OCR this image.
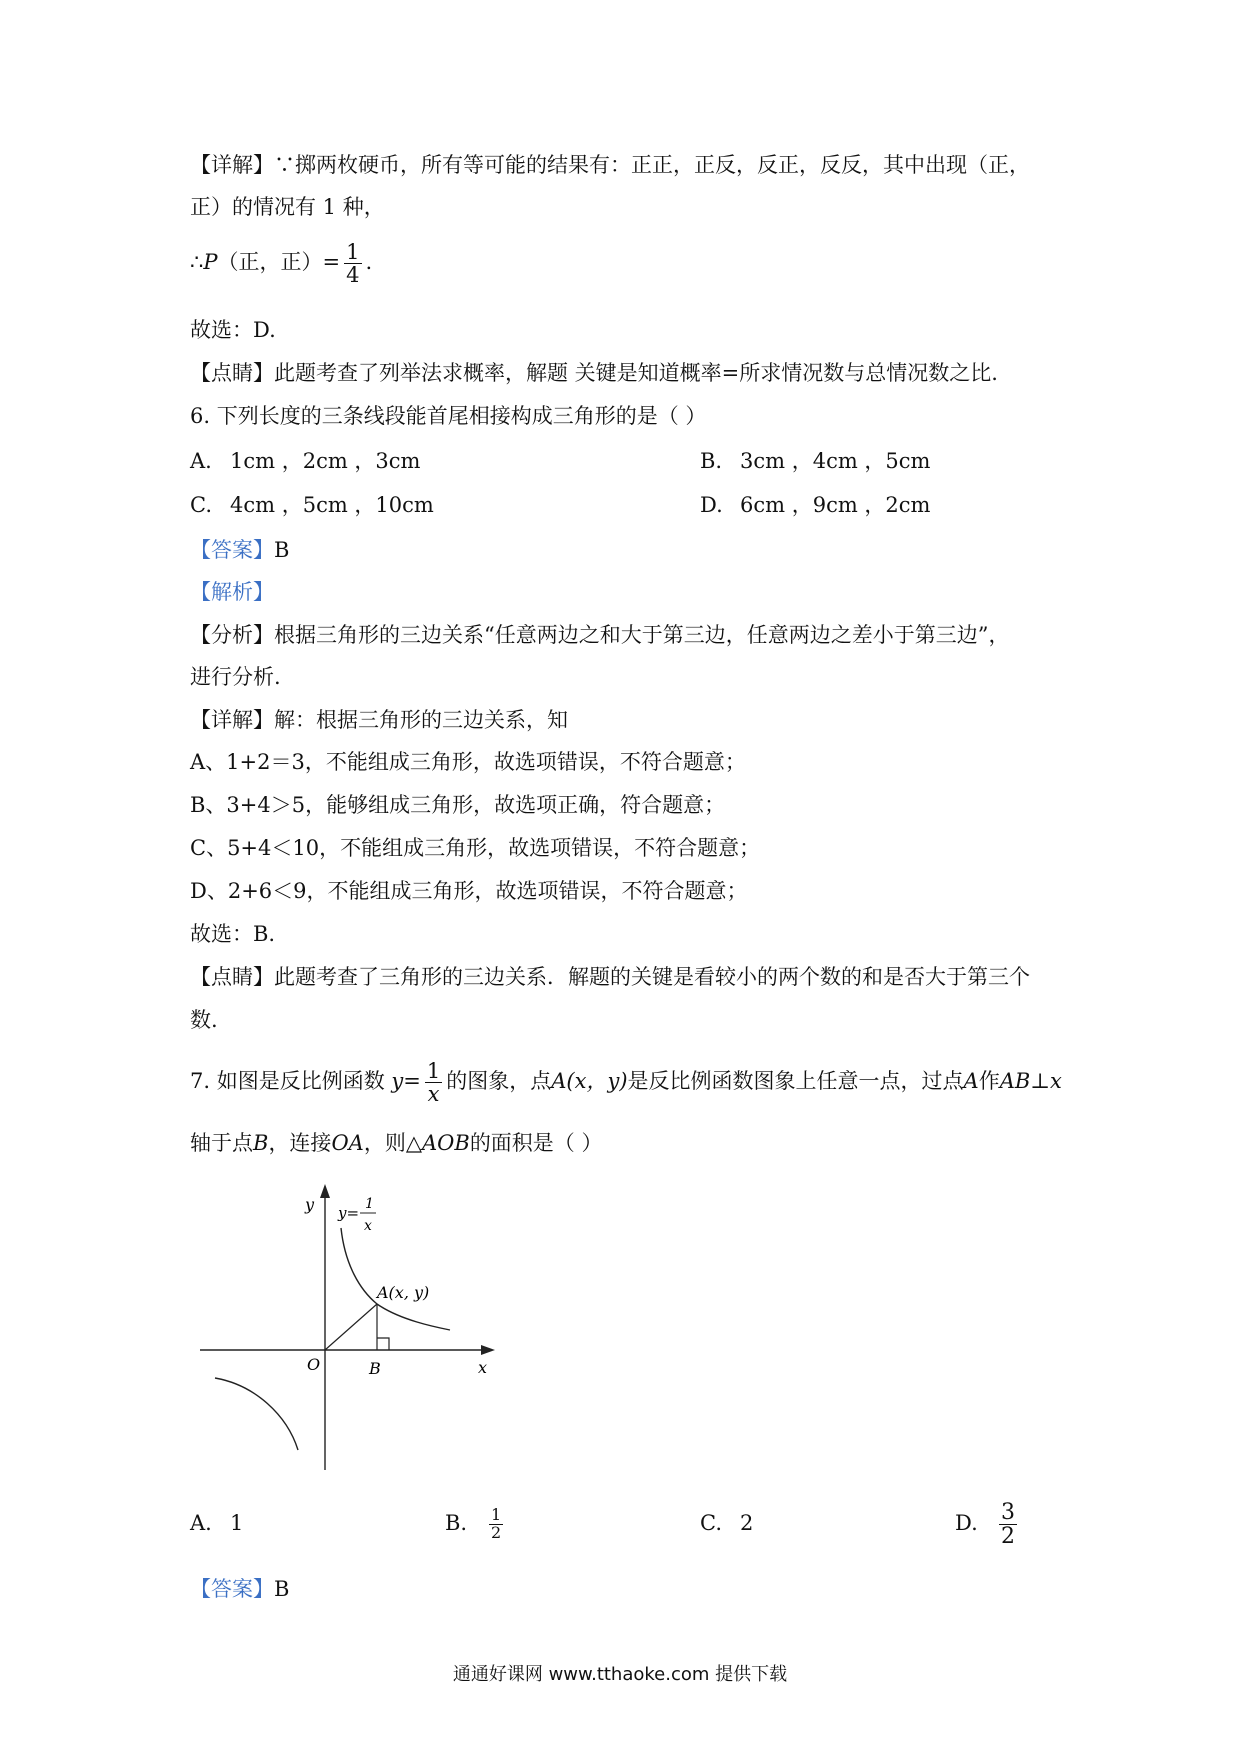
【详解】∵掷两枚硬币，所有等可能的结果有：正正，正反，反正，反反，其中出现（正，
正）的情况有 1 种，
∴P（正，正）= $\frac{1}{4}$ .
故选：D.
【点睛】此题考查了列举法求概率，解题 关键是知道概率=所求情况数与总情况数之比.
6. 下列长度的三条线段能首尾相接构成三角形的是（ ）
A. 1cm ，2cm ，3cm	B. 3cm ，4cm ，5cm
C. 4cm ，5cm ，10cm	D. 6cm ，9cm ，2cm
【答案】B
【解析】
【分析】根据三角形的三边关系“任意两边之和大于第三边，任意两边之差小于第三边”，
进行分析.
【详解】解：根据三角形的三边关系，知
A、1+2＝3，不能组成三角形，故选项错误，不符合题意；
B、3+4＞5，能够组成三角形，故选项正确，符合题意；
C、5+4＜10，不能组成三角形，故选项错误，不符合题意；
D、2+6＜9，不能组成三角形，故选项错误，不符合题意；
故选：B.
【点睛】此题考查了三角形的三边关系．解题的关键是看较小的两个数的和是否大于第三个
数.
7. 如图是反比例函数 $y= \frac{1}{x}$ 的图象，点A(x，y)是反比例函数图象上任意一点，过点A作AB⊥x
轴于点B，连接OA，则△AOB的面积是（ ）
y
x
O	B
A(x, y)
y= 1
x
A. 1	B. $\frac{1}{2}$	C. 2	D. $\frac{3}{2}$
【答案】B
通通好课网 www.tthaoke.com 提供下载
